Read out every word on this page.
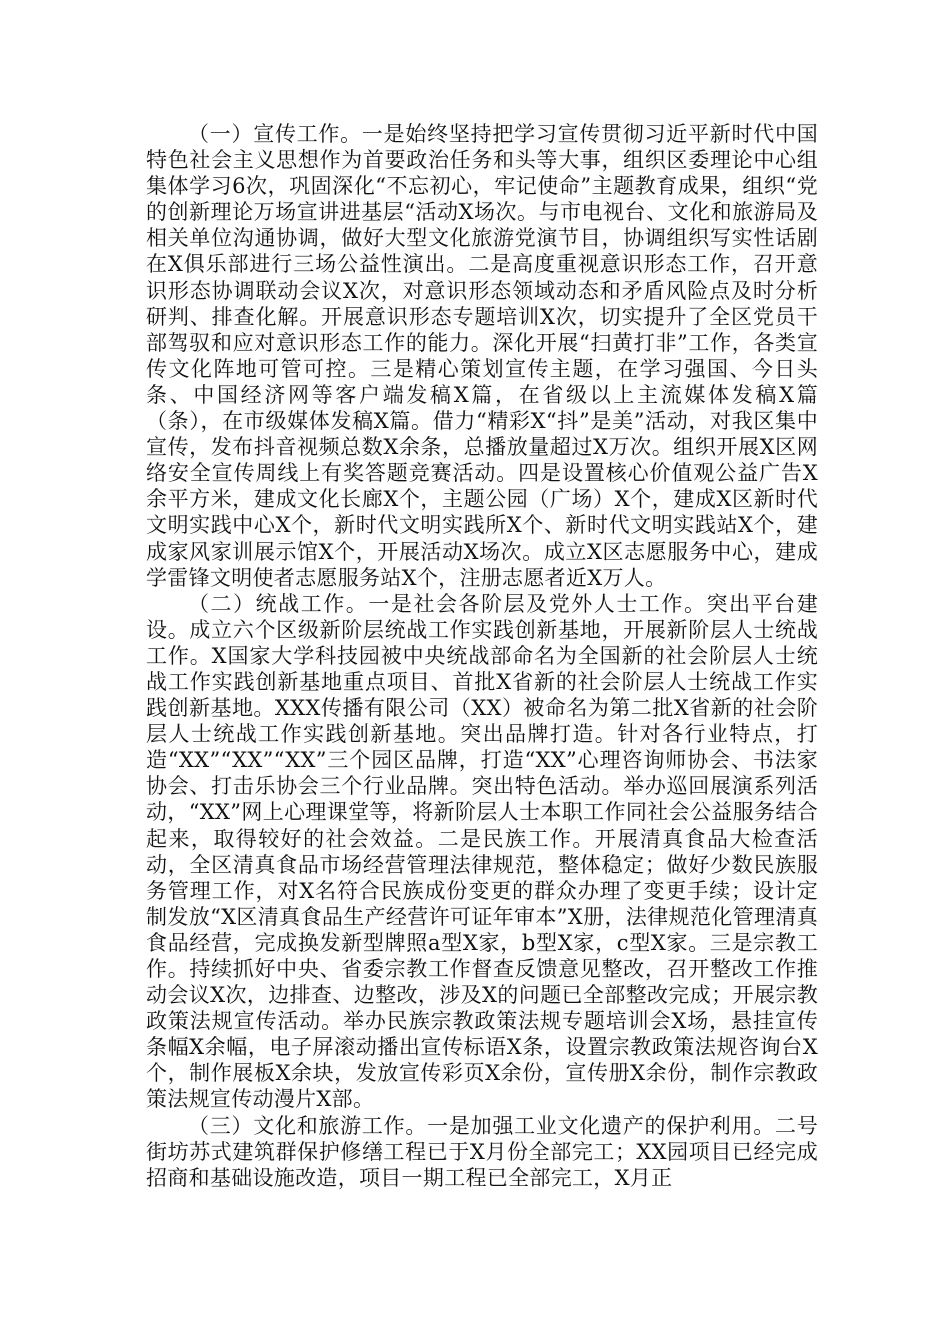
（一）宣传工作。一是始终坚持把学习宣传贯彻习近平新时代中国特色社会主义思想作为首要政治任务和头等大事，组织区委理论中心组集体学习6次，巩固深化“不忘初心，牢记使命”主题教育成果，组织“党的创新理论万场宣讲进基层“活动X场次。与市电视台、文化和旅游局及相关单位沟通协调，做好大型文化旅游党演节目，协调组织写实性话剧在X俱乐部进行三场公益性演出。二是高度重视意识形态工作，召开意识形态协调联动会议X次，对意识形态领域动态和矛盾风险点及时分析研判、排查化解。开展意识形态专题培训X次，切实提升了全区党员干部驾驭和应对意识形态工作的能力。深化开展“扫黄打非”工作，各类宣传文化阵地可管可控。三是精心策划宣传主题，在学习强国、今日头条、中国经济网等客户端发稿X篇，在省级以上主流媒体发稿X篇（条），在市级媒体发稿X篇。借力“精彩X“抖”是美”活动，对我区集中宣传，发布抖音视频总数X余条，总播放量超过X万次。组织开展X区网络安全宣传周线上有奖答题竞赛活动。四是设置核心价值观公益广告X余平方米，建成文化长廊X个，主题公园（广场）X个，建成X区新时代文明实践中心X个，新时代文明实践所X个、新时代文明实践站X个，建成家风家训展示馆X个，开展活动X场次。成立X区志愿服务中心，建成学雷锋文明使者志愿服务站X个，注册志愿者近X万人。

（二）统战工作。一是社会各阶层及党外人士工作。突出平台建设。成立六个区级新阶层统战工作实践创新基地，开展新阶层人士统战工作。X国家大学科技园被中央统战部命名为全国新的社会阶层人士统战工作实践创新基地重点项目、首批X省新的社会阶层人士统战工作实践创新基地。XXX传播有限公司（XX）被命名为第二批X省新的社会阶层人士统战工作实践创新基地。突出品牌打造。针对各行业特点，打造“XX”“XX”“XX”三个园区品牌，打造“XX”心理咨询师协会、书法家协会、打击乐协会三个行业品牌。突出特色活动。举办巡回展演系列活动，“XX”网上心理课堂等，将新阶层人士本职工作同社会公益服务结合起来，取得较好的社会效益。二是民族工作。开展清真食品大检查活动，全区清真食品市场经营管理法律规范，整体稳定；做好少数民族服务管理工作，对X名符合民族成份变更的群众办理了变更手续；设计定制发放“X区清真食品生产经营许可证年审本”X册，法律规范化管理清真食品经营，完成换发新型牌照a型X家，b型X家，c型X家。三是宗教工作。持续抓好中央、省委宗教工作督查反馈意见整改，召开整改工作推动会议X次，边排查、边整改，涉及X的问题已全部整改完成；开展宗教政策法规宣传活动。举办民族宗教政策法规专题培训会X场，悬挂宣传条幅X余幅，电子屏滚动播出宣传标语X条，设置宗教政策法规咨询台X个，制作展板X余块，发放宣传彩页X余份，宣传册X余份，制作宗教政策法规宣传动漫片X部。

（三）文化和旅游工作。一是加强工业文化遗产的保护利用。二号街坊苏式建筑群保护修缮工程已于X月份全部完工；XX园项目已经完成招商和基础设施改造，项目一期工程已全部完工，X月正
